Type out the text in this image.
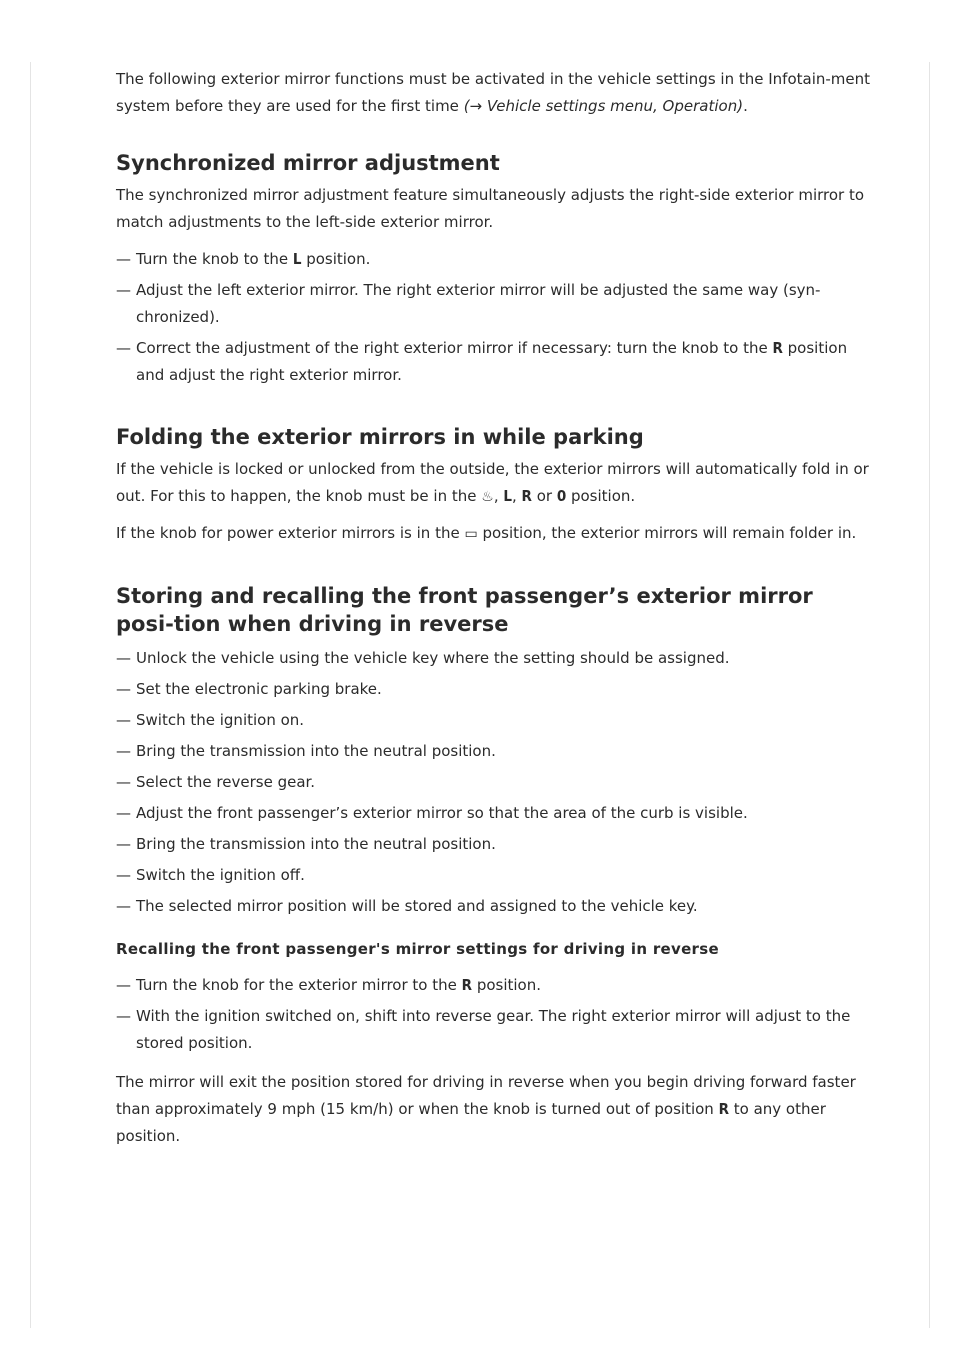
The following exterior mirror functions must be activated in the vehicle settings in the Infotain-ment system before they are used for the first time (→ Vehicle settings menu, Operation).

Synchronized mirror adjustment

The synchronized mirror adjustment feature simultaneously adjusts the right-side exterior mirror to match adjustments to the left-side exterior mirror.

— Turn the knob to the L position.
— Adjust the left exterior mirror. The right exterior mirror will be adjusted the same way (syn-chronized).
— Correct the adjustment of the right exterior mirror if necessary: turn the knob to the R position and adjust the right exterior mirror.
Folding the exterior mirrors in while parking

If the vehicle is locked or unlocked from the outside, the exterior mirrors will automatically fold in or out. For this to happen, the knob must be in the ♨, L, R or 0 position.

If the knob for power exterior mirrors is in the ▭ position, the exterior mirrors will remain folder in.

Storing and recalling the front passenger’s exterior mirror posi-tion when driving in reverse
— Unlock the vehicle using the vehicle key where the setting should be assigned.
— Set the electronic parking brake.
— Switch the ignition on.
— Bring the transmission into the neutral position.
— Select the reverse gear.
— Adjust the front passenger’s exterior mirror so that the area of the curb is visible.
— Bring the transmission into the neutral position.
— Switch the ignition off.
— The selected mirror position will be stored and assigned to the vehicle key.
Recalling the front passenger's mirror settings for driving in reverse
— Turn the knob for the exterior mirror to the R position.
— With the ignition switched on, shift into reverse gear. The right exterior mirror will adjust to the stored position.

The mirror will exit the position stored for driving in reverse when you begin driving forward faster than approximately 9 mph (15 km/h) or when the knob is turned out of position R to any other position.
